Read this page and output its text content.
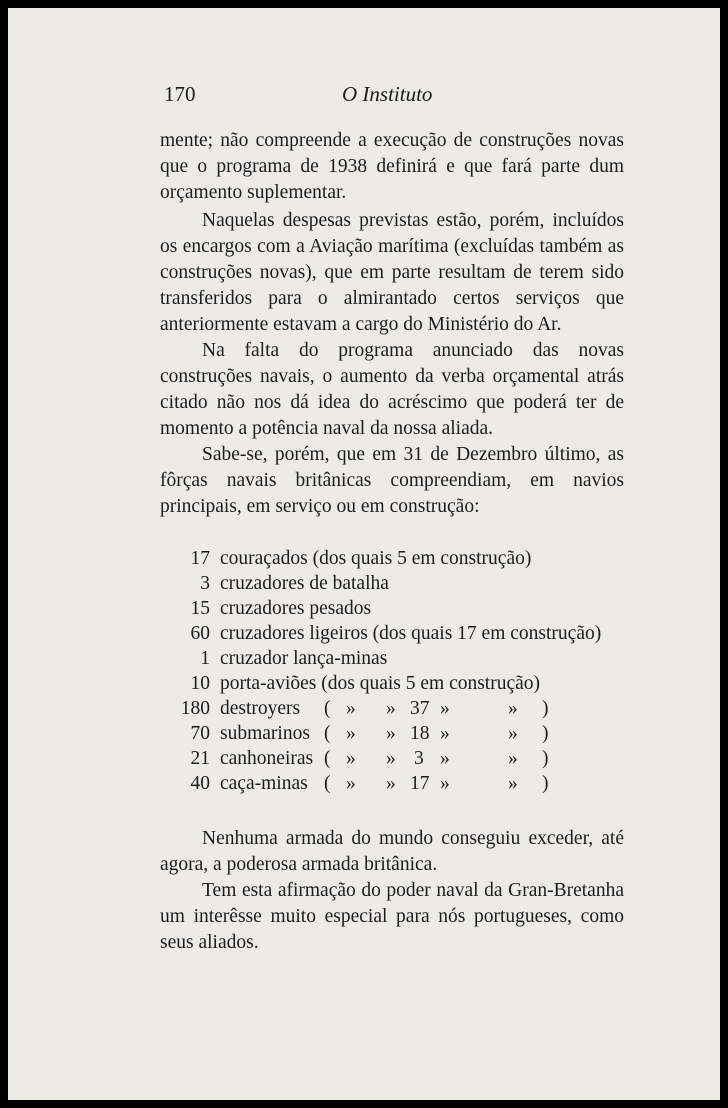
170	O Instituto

mente; não compreende a execução de construções novas que o programa de 1938 definirá e que fará parte dum orçamento suplementar.

Naquelas despesas previstas estão, porém, incluídos os encargos com a Aviação marítima (excluídas também as construções novas), que em parte resultam de terem sido transferidos para o almirantado certos serviços que anteriormente estavam a cargo do Ministério do Ar.

Na falta do programa anunciado das novas construções navais, o aumento da verba orçamental atrás citado não nos dá idea do acréscimo que poderá ter de momento a potência naval da nossa aliada.

Sabe-se, porém, que em 31 de Dezembro último, as fôrças navais britânicas compreendiam, em navios principais, em serviço ou em construção:

17 couraçados (dos quais 5 em construção)
3 cruzadores de batalha
15 cruzadores pesados
60 cruzadores ligeiros (dos quais 17 em construção)
1 cruzador lança-minas
10 porta-aviões (dos quais 5 em construção)
180 destroyers ( » » 37 »	» )
70 submarinos ( » » 18 »	» )
21 canhoneiras ( » » 3 »	» )
40 caça-minas ( » » 17 »	» )

Nenhuma armada do mundo conseguiu exceder, até agora, a poderosa armada britânica.

Tem esta afirmação do poder naval da Gran-Bretanha um interêsse muito especial para nós portugueses, como seus aliados.
